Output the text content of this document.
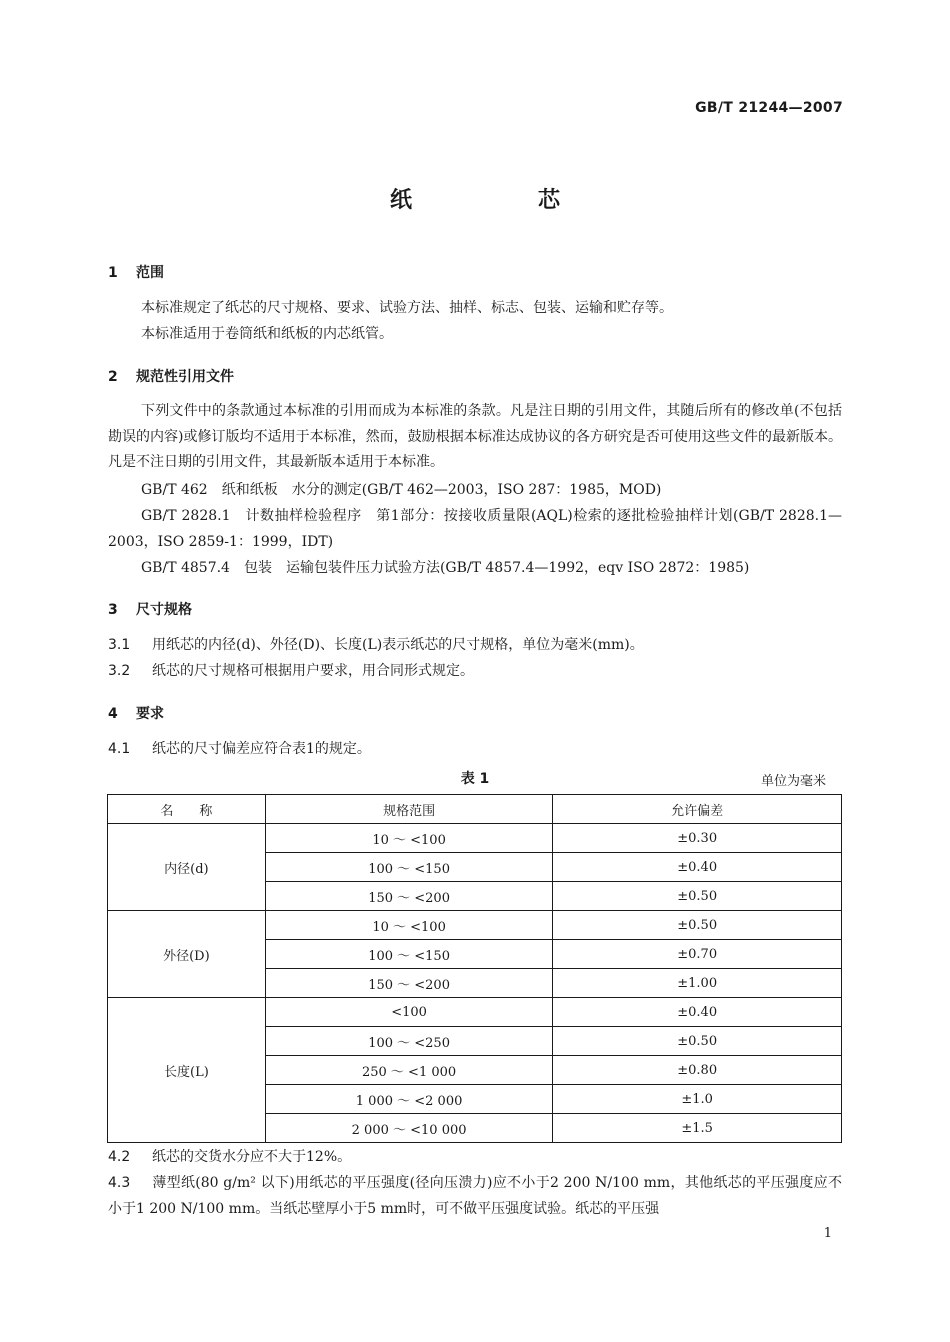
GB/T 21244—2007
纸　芯
1 范围
本标准规定了纸芯的尺寸规格、要求、试验方法、抽样、标志、包装、运输和贮存等。
本标准适用于卷筒纸和纸板的内芯纸管。
2 规范性引用文件
下列文件中的条款通过本标准的引用而成为本标准的条款。凡是注日期的引用文件，其随后所有的修改单(不包括勘误的内容)或修订版均不适用于本标准，然而，鼓励根据本标准达成协议的各方研究是否可使用这些文件的最新版本。凡是不注日期的引用文件，其最新版本适用于本标准。
GB/T 462　纸和纸板　水分的测定(GB/T 462—2003，ISO 287：1985，MOD)
GB/T 2828.1　计数抽样检验程序　第1部分：按接收质量限(AQL)检索的逐批检验抽样计划(GB/T 2828.1—2003，ISO 2859-1：1999，IDT)
GB/T 4857.4　包装　运输包装件压力试验方法(GB/T 4857.4—1992，eqv ISO 2872：1985)
3 尺寸规格
3.1 用纸芯的内径(d)、外径(D)、长度(L)表示纸芯的尺寸规格，单位为毫米(mm)。
3.2 纸芯的尺寸规格可根据用户要求，用合同形式规定。
4 要求
4.1 纸芯的尺寸偏差应符合表1的规定。
表 1	单位为毫米
名　　称	规格范围	允许偏差
内径(d)	10 ～ <100	±0.30
	100 ～ <150	±0.40
	150 ～ <200	±0.50
外径(D)	10 ～ <100	±0.50
	100 ～ <150	±0.70
	150 ～ <200	±1.00
长度(L)	<100	±0.40
	100 ～ <250	±0.50
	250 ～ <1 000	±0.80
	1 000 ～ <2 000	±1.0
	2 000 ～ <10 000	±1.5
4.2 纸芯的交货水分应不大于12%。
4.3 薄型纸(80 g/m² 以下)用纸芯的平压强度(径向压溃力)应不小于2 200 N/100 mm，其他纸芯的平压强度应不小于1 200 N/100 mm。当纸芯壁厚小于5 mm时，可不做平压强度试验。纸芯的平压强
1
